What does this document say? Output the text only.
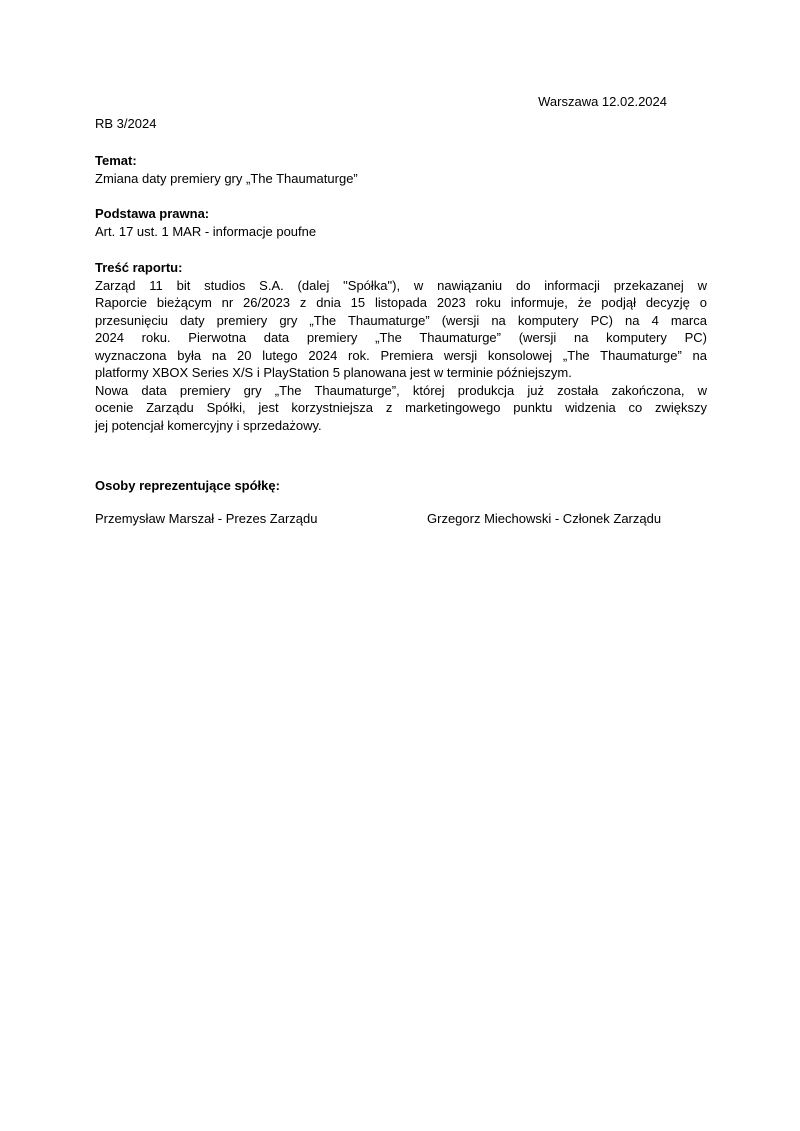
Warszawa 12.02.2024
RB 3/2024
Temat:
Zmiana daty premiery gry „The Thaumaturge”
Podstawa prawna:
Art. 17 ust. 1 MAR - informacje poufne
Treść raportu:
Zarząd 11 bit studios S.A. (dalej "Spółka"), w nawiązaniu do informacji przekazanej w
Raporcie bieżącym nr 26/2023 z dnia 15 listopada 2023 roku informuje, że podjął decyzję o
przesunięciu daty premiery gry „The Thaumaturge” (wersji na komputery PC) na 4 marca
2024 roku. Pierwotna data premiery „The Thaumaturge” (wersji na komputery PC)
wyznaczona była na 20 lutego 2024 rok. Premiera wersji konsolowej „The Thaumaturge” na
platformy XBOX Series X/S i PlayStation 5 planowana jest w terminie późniejszym.
Nowa data premiery gry „The Thaumaturge”, której produkcja już została zakończona, w
ocenie Zarządu Spółki, jest korzystniejsza z marketingowego punktu widzenia co zwiększy
jej potencjał komercyjny i sprzedażowy.
Osoby reprezentujące spółkę:
Przemysław Marszał - Prezes Zarządu	Grzegorz Miechowski - Członek Zarządu
